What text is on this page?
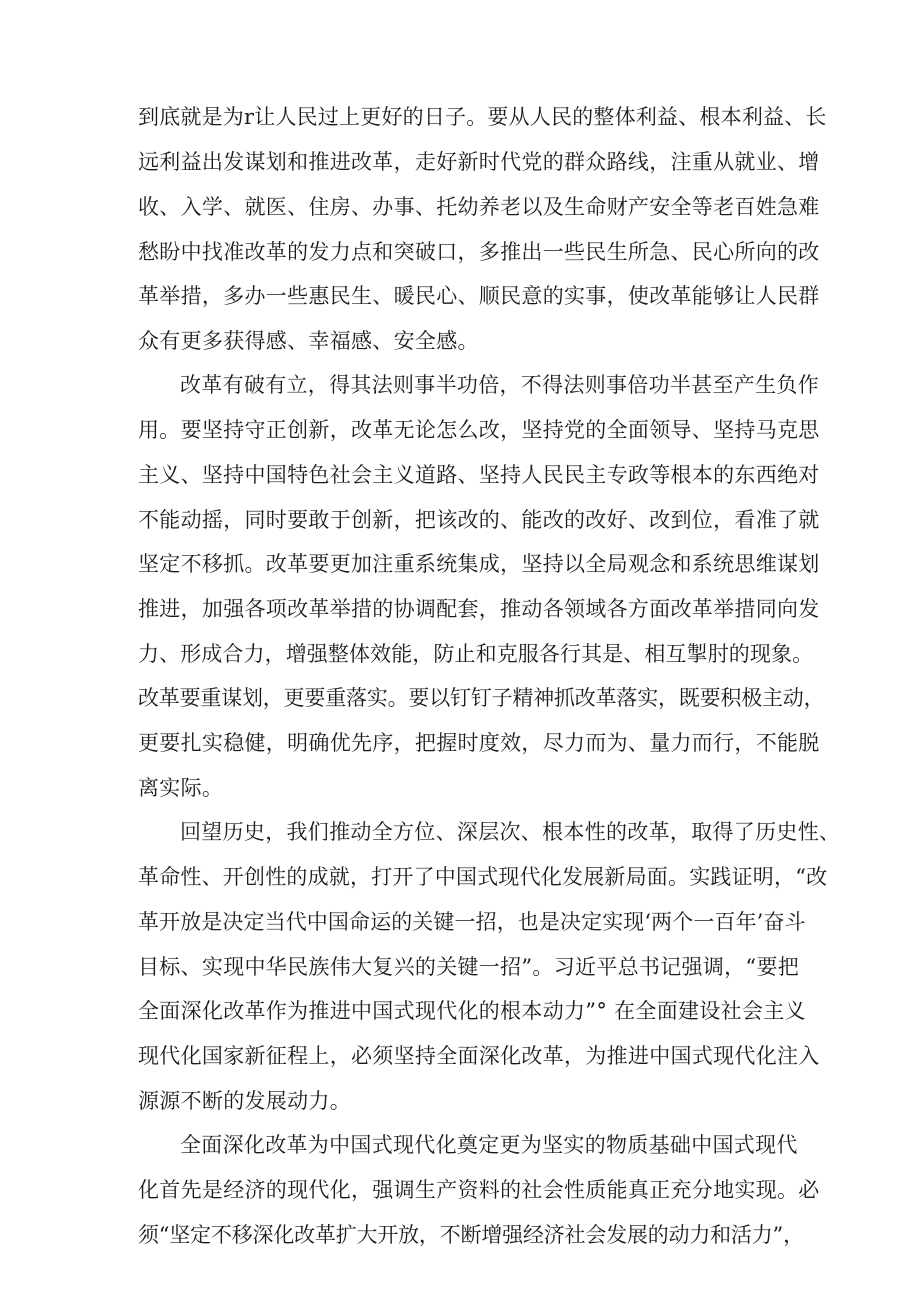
到底就是为r让人民过上更好的日子。要从人民的整体利益、根本利益、长
远利益出发谋划和推进改革，走好新时代党的群众路线，注重从就业、增
收、入学、就医、住房、办事、托幼养老以及生命财产安全等老百姓急难
愁盼中找准改革的发力点和突破口，多推出一些民生所急、民心所向的改
革举措，多办一些惠民生、暖民心、顺民意的实事，使改革能够让人民群
众有更多获得感、幸福感、安全感。
改革有破有立，得其法则事半功倍，不得法则事倍功半甚至产生负作
用。要坚持守正创新，改革无论怎么改，坚持党的全面领导、坚持马克思
主义、坚持中国特色社会主义道路、坚持人民民主专政等根本的东西绝对
不能动摇，同时要敢于创新，把该改的、能改的改好、改到位，看准了就
坚定不移抓。改革要更加注重系统集成，坚持以全局观念和系统思维谋划
推进，加强各项改革举措的协调配套，推动各领域各方面改革举措同向发
力、形成合力，增强整体效能，防止和克服各行其是、相互掣肘的现象。
改革要重谋划，更要重落实。要以钉钉子精神抓改革落实，既要积极主动，
更要扎实稳健，明确优先序，把握时度效，尽力而为、量力而行，不能脱
离实际。
回望历史，我们推动全方位、深层次、根本性的改革，取得了历史性、
革命性、开创性的成就，打开了中国式现代化发展新局面。实践证明，“改
革开放是决定当代中国命运的关键一招，也是决定实现‘两个一百年’奋斗
目标、实现中华民族伟大复兴的关键一招”。习近平总书记强调，“要把
全面深化改革作为推进中国式现代化的根本动力”° 在全面建设社会主义
现代化国家新征程上，必须坚持全面深化改革，为推进中国式现代化注入
源源不断的发展动力。
全面深化改革为中国式现代化奠定更为坚实的物质基础中国式现代
化首先是经济的现代化，强调生产资料的社会性质能真正充分地实现。必
须“坚定不移深化改革扩大开放，不断增强经济社会发展的动力和活力”，
